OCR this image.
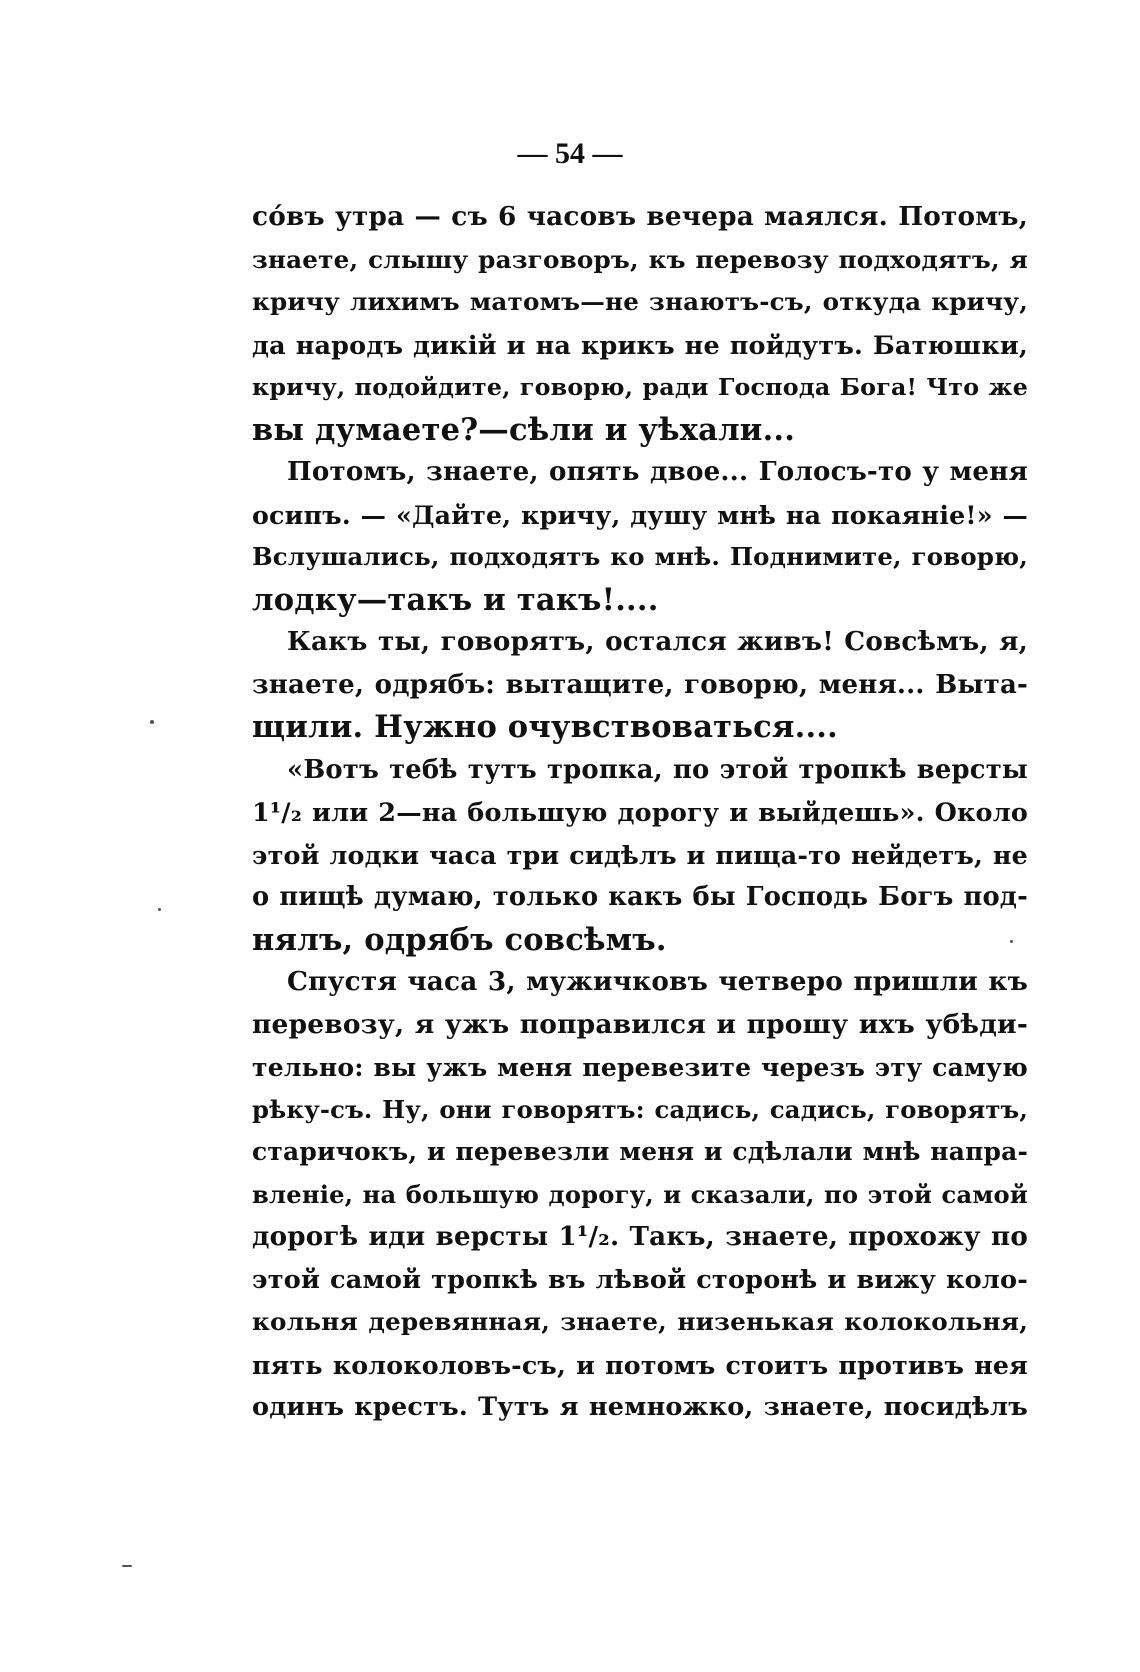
— 54 —
со́въ утра — съ 6 часовъ вечера маялся. Потомъ,
знаете, слышу разговоръ, къ перевозу подходятъ, я
кричу лихимъ матомъ—не знаютъ-съ, откуда кричу,
да народъ дикій и на крикъ не пойдутъ. Батюшки,
кричу, подойдите, говорю, ради Господа Бога! Что же
вы думаете?—сѣли и уѣхали...
Потомъ, знаете, опять двое... Голосъ-то у меня
осипъ. — «Дайте, кричу, душу мнѣ на покаяніе!» —
Вслушались, подходятъ ко мнѣ. Поднимите, говорю,
лодку—такъ и такъ!....
Какъ ты, говорятъ, остался живъ! Совсѣмъ, я,
знаете, одрябъ: вытащите, говорю, меня... Выта-
щили. Нужно очувствоваться....
«Вотъ тебѣ тутъ тропка, по этой тропкѣ версты
1¹/₂ или 2—на большую дорогу и выйдешь». Около
этой лодки часа три сидѣлъ и пища-то нейдетъ, не
о пищѣ думаю, только какъ бы Господь Богъ под-
нялъ, одрябъ совсѣмъ.
Спустя часа 3, мужичковъ четверо пришли къ
перевозу, я ужъ поправился и прошу ихъ убѣди-
тельно: вы ужъ меня перевезите черезъ эту самую
рѣку-съ. Ну, они говорятъ: садись, садись, говорятъ,
старичокъ, и перевезли меня и сдѣлали мнѣ напра-
вленіе, на большую дорогу, и сказали, по этой самой
дорогѣ иди версты 1¹/₂. Такъ, знаете, прохожу по
этой самой тропкѣ въ лѣвой сторонѣ и вижу коло-
кольня деревянная, знаете, низенькая колокольня,
пять колоколовъ-съ, и потомъ стоитъ противъ нея
одинъ крестъ. Тутъ я немножко, знаете, посидѣлъ
